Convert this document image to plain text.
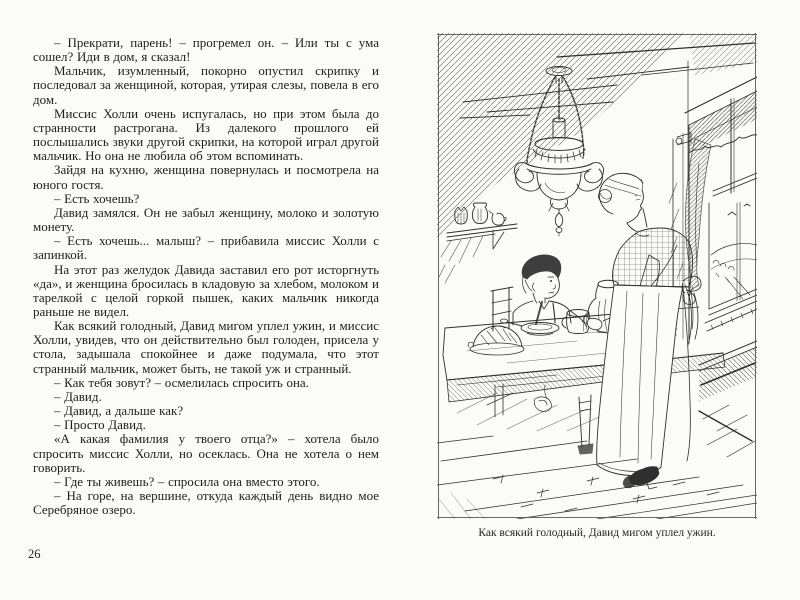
– Прекрати, парень! – прогремел он. – Или ты с ума сошел? Иди в дом, я сказал!

Мальчик, изумленный, покорно опустил скрипку и последовал за женщиной, которая, утирая слезы, повела в его дом.

Миссис Холли очень испугалась, но при этом была до странности растрогана. Из далекого прошлого ей послышались звуки другой скрипки, на которой играл другой мальчик. Но она не любила об этом вспоминать.

Зайдя на кухню, женщина повернулась и посмотрела на юного гостя.

– Есть хочешь?

Давид замялся. Он не забыл женщину, молоко и золотую монету.

– Есть хочешь... малыш? – прибавила миссис Холли с запинкой.

На этот раз желудок Давида заставил его рот исторгнуть «да», и женщина бросилась в кладовую за хлебом, молоком и тарелкой с целой горкой пышек, каких мальчик никогда раньше не видел.

Как всякий голодный, Давид мигом уплел ужин, и миссис Холли, увидев, что он действительно был голоден, присела у стола, задышала спокойнее и даже подумала, что этот странный мальчик, может быть, не такой уж и странный.

– Как тебя зовут? – осмелилась спросить она.

– Давид.

– Давид, а дальше как?

– Просто Давид.

«А какая фамилия у твоего отца?» – хотела было спросить миссис Холли, но осеклась. Она не хотела о нем говорить.

– Где ты живешь? – спросила она вместо этого.

– На горе, на вершине, откуда каждый день видно мое Серебряное озеро.

26
Как всякий голодный, Давид мигом уплел ужин.
